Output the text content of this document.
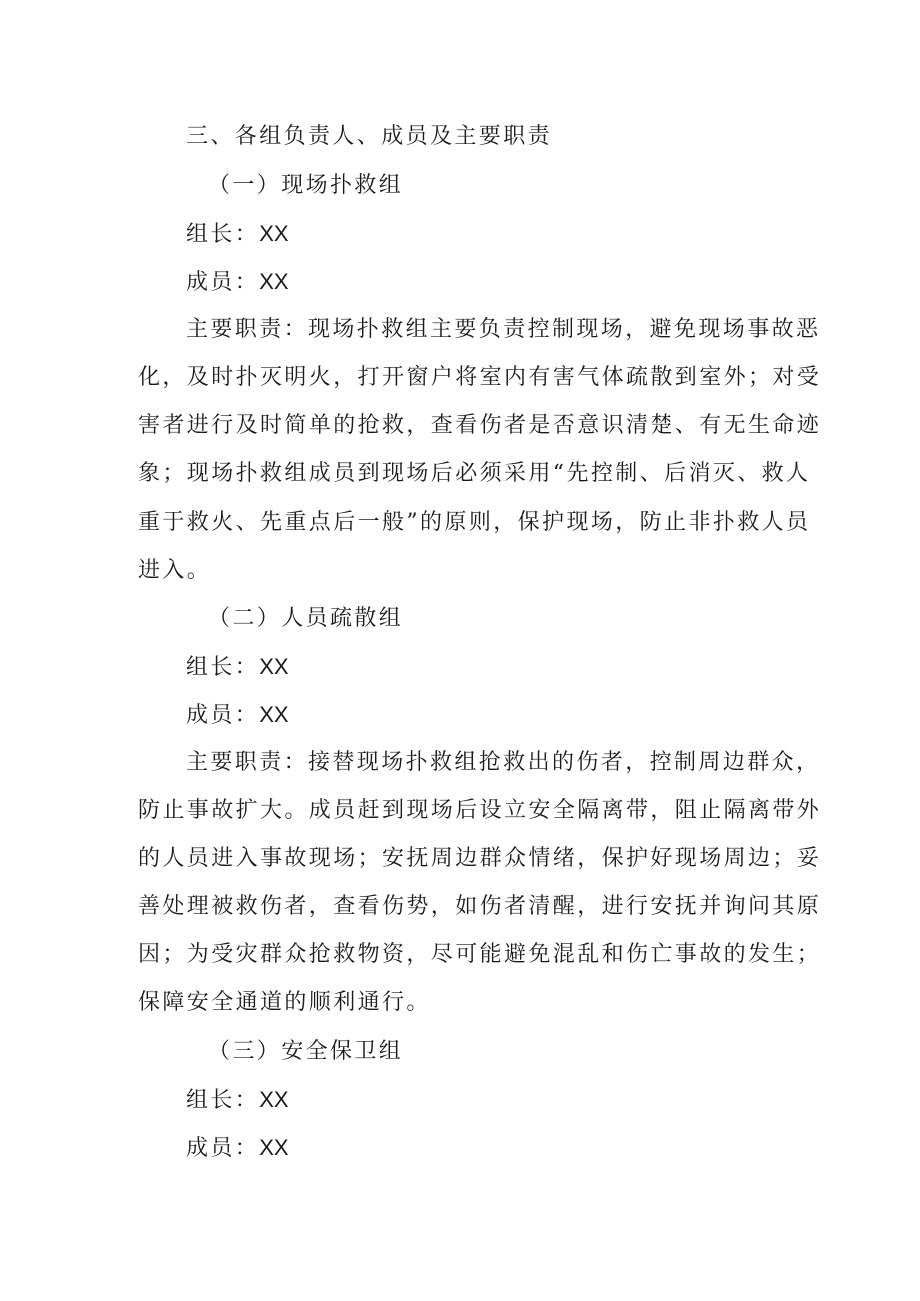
三、各组负责人、成员及主要职责
（一）现场扑救组
组长：XX
成员：XX
主要职责：现场扑救组主要负责控制现场，避免现场事故恶
化，及时扑灭明火，打开窗户将室内有害气体疏散到室外；对受
害者进行及时简单的抢救，查看伤者是否意识清楚、有无生命迹
象；现场扑救组成员到现场后必须采用“先控制、后消灭、救人
重于救火、先重点后一般”的原则，保护现场，防止非扑救人员
进入。
（二）人员疏散组
组长：XX
成员：XX
主要职责：接替现场扑救组抢救出的伤者，控制周边群众，
防止事故扩大。成员赶到现场后设立安全隔离带，阻止隔离带外
的人员进入事故现场；安抚周边群众情绪，保护好现场周边；妥
善处理被救伤者，查看伤势，如伤者清醒，进行安抚并询问其原
因；为受灾群众抢救物资，尽可能避免混乱和伤亡事故的发生；
保障安全通道的顺利通行。
（三）安全保卫组
组长：XX
成员：XX
